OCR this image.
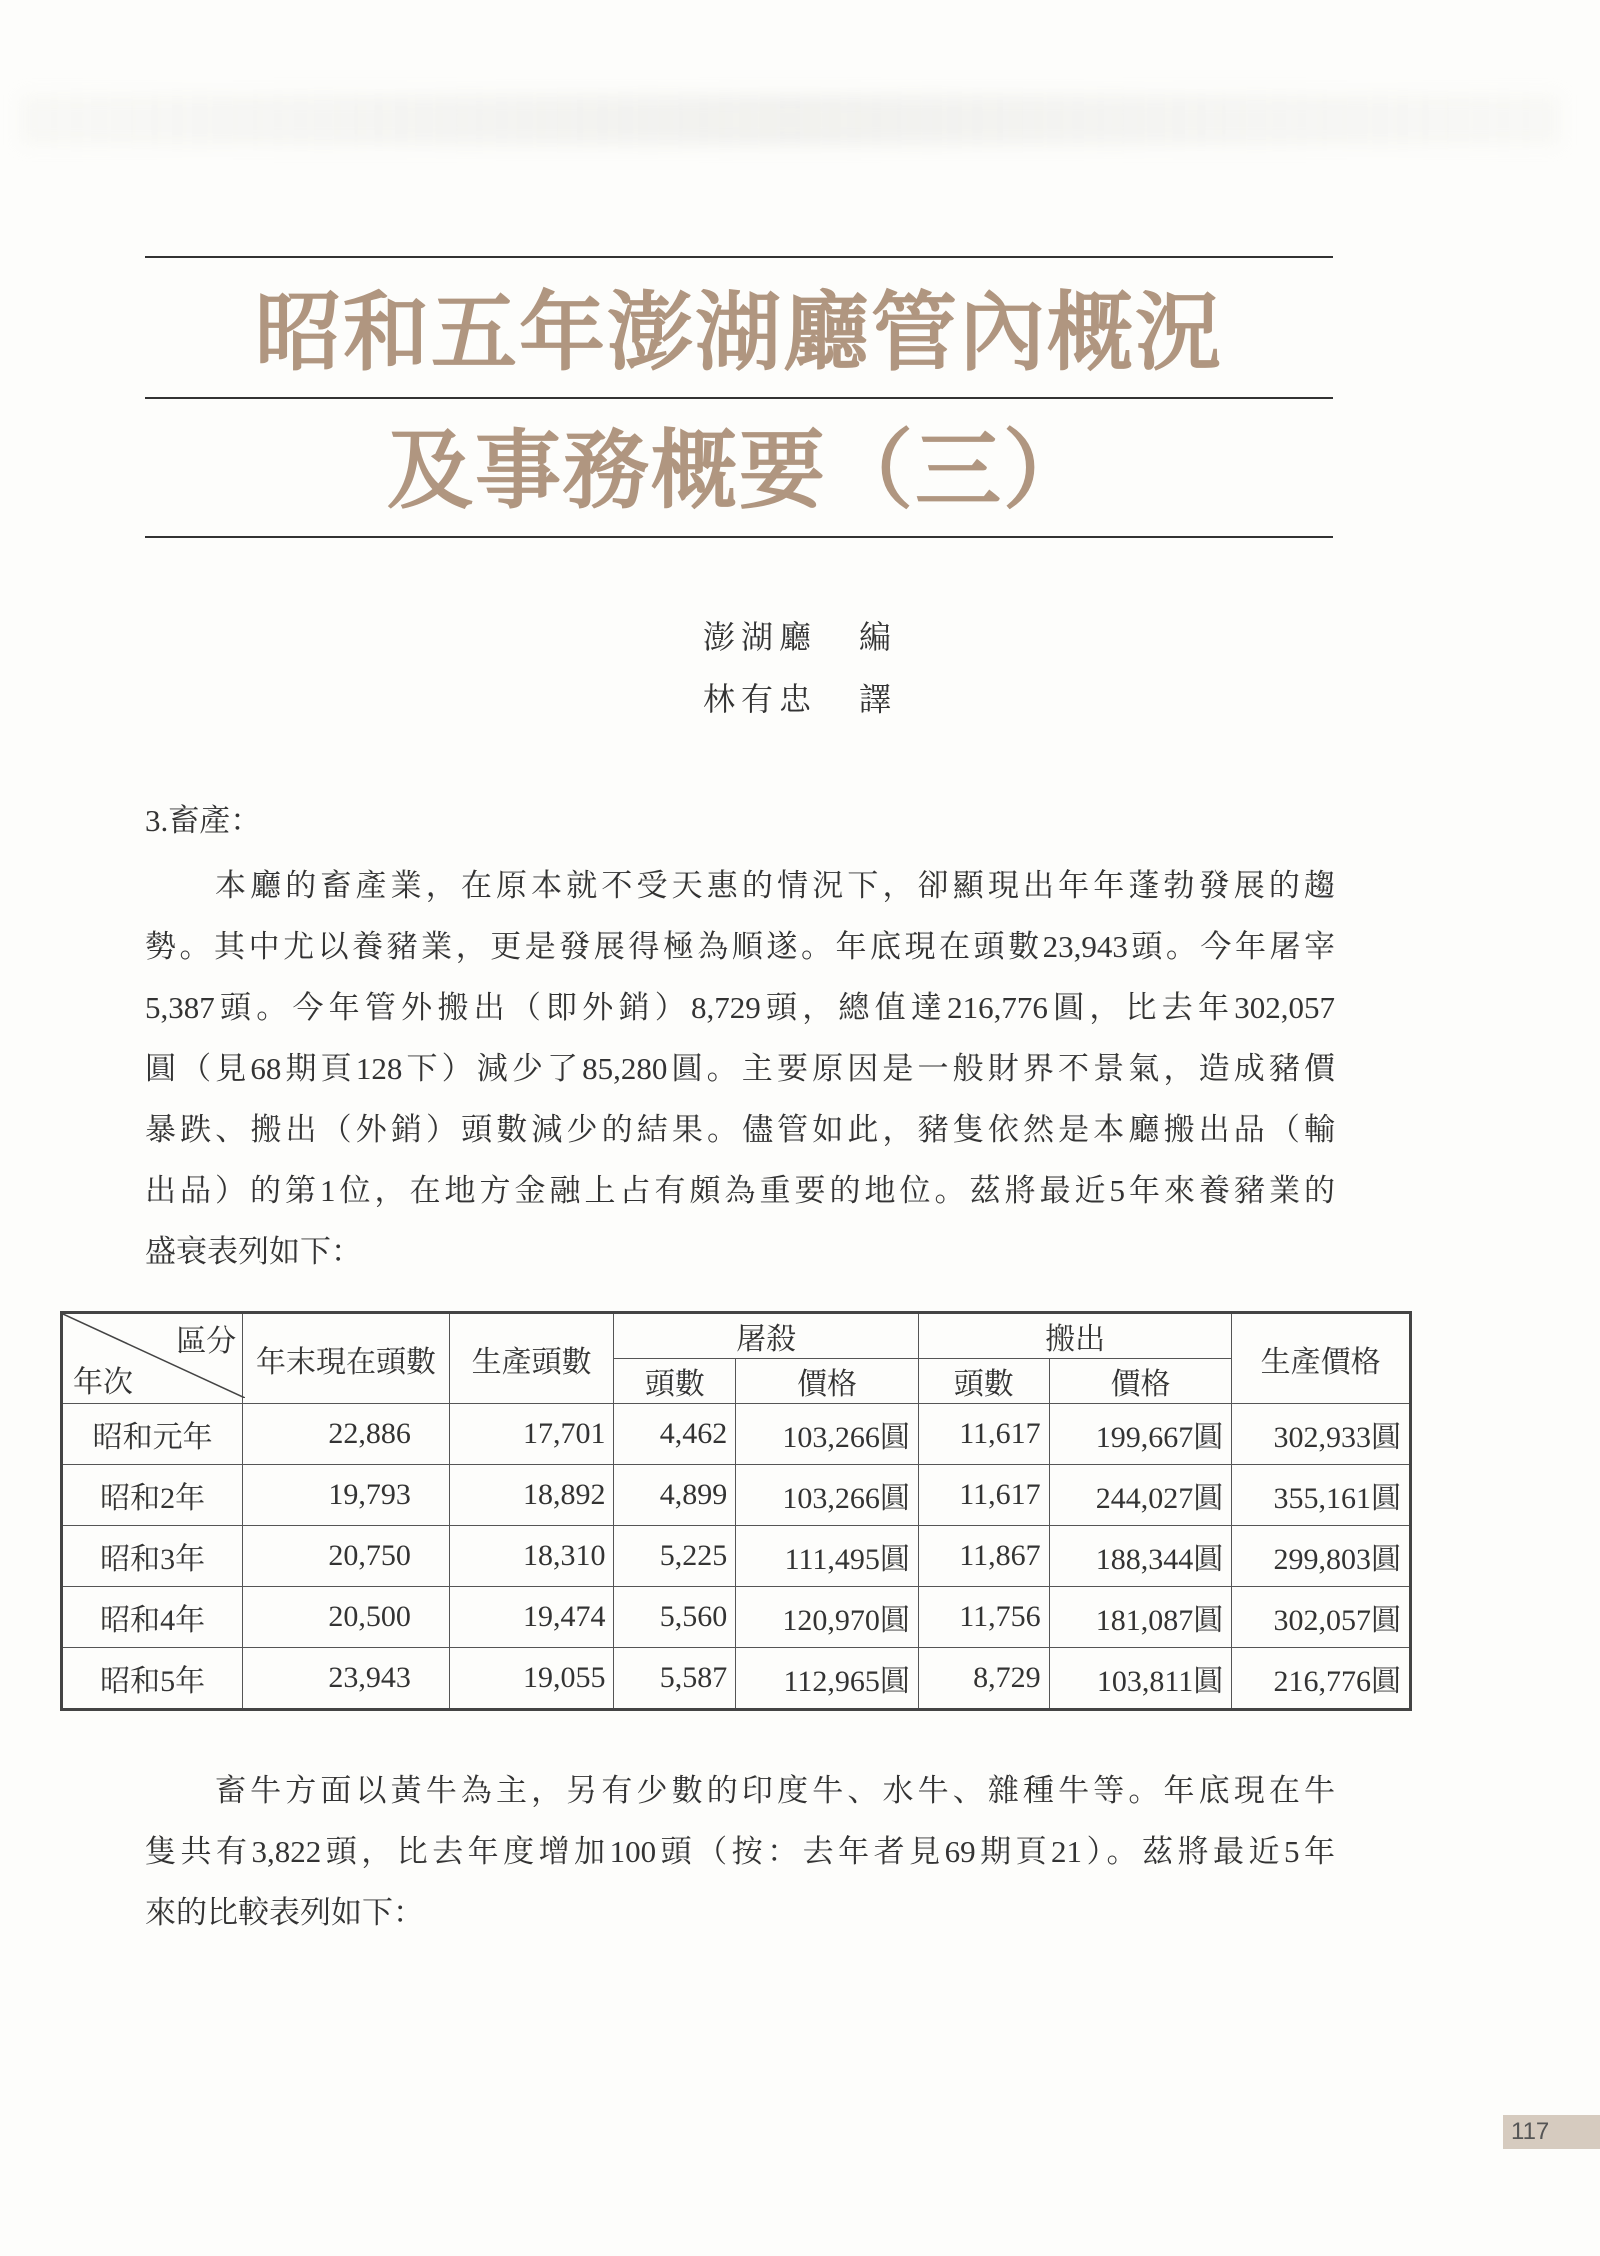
昭和五年澎湖廳管內概況
及事務概要（三）
澎湖廳 編
林有忠 譯
3.畜產：
本廳的畜產業，在原本就不受天惠的情況下，卻顯現出年年蓬勃發展的趨
勢。其中尤以養豬業，更是發展得極為順遂。年底現在頭數23,943頭。今年屠宰
5,387頭。今年管外搬出（即外銷）8,729頭，總值達216,776圓，比去年302,057
圓（見68期頁128下）減少了85,280圓。主要原因是一般財界不景氣，造成豬價
暴跌、搬出（外銷）頭數減少的結果。儘管如此，豬隻依然是本廳搬出品（輸
出品）的第1位，在地方金融上占有頗為重要的地位。茲將最近5年來養豬業的
盛衰表列如下：
區分
年次	年末現在頭數	生產頭數	屠殺		搬出		生產價格
			頭數	價格	頭數	價格	
昭和元年	22,886	17,701	4,462	103,266圓	11,617	199,667圓	302,933圓
昭和2年	19,793	18,892	4,899	103,266圓	11,617	244,027圓	355,161圓
昭和3年	20,750	18,310	5,225	111,495圓	11,867	188,344圓	299,803圓
昭和4年	20,500	19,474	5,560	120,970圓	11,756	181,087圓	302,057圓
昭和5年	23,943	19,055	5,587	112,965圓	8,729	103,811圓	216,776圓
畜牛方面以黃牛為主，另有少數的印度牛、水牛、雜種牛等。年底現在牛
隻共有3,822頭，比去年度增加100頭（按：去年者見69期頁21）。茲將最近5年
來的比較表列如下：
117
